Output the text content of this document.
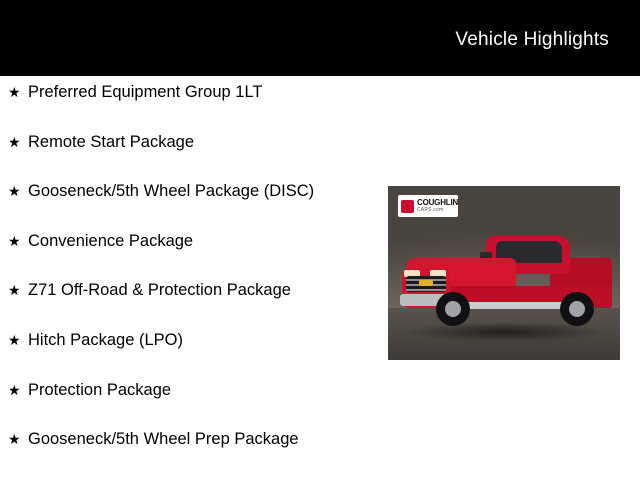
Vehicle Highlights
★ Preferred Equipment Group 1LT
★ Remote Start Package
★ Gooseneck/5th Wheel Package (DISC)
★ Convenience Package
★ Z71 Off-Road & Protection Package
★ Hitch Package (LPO)
★ Protection Package
★ Gooseneck/5th Wheel Prep Package
COUGHLIN
CARS.com
